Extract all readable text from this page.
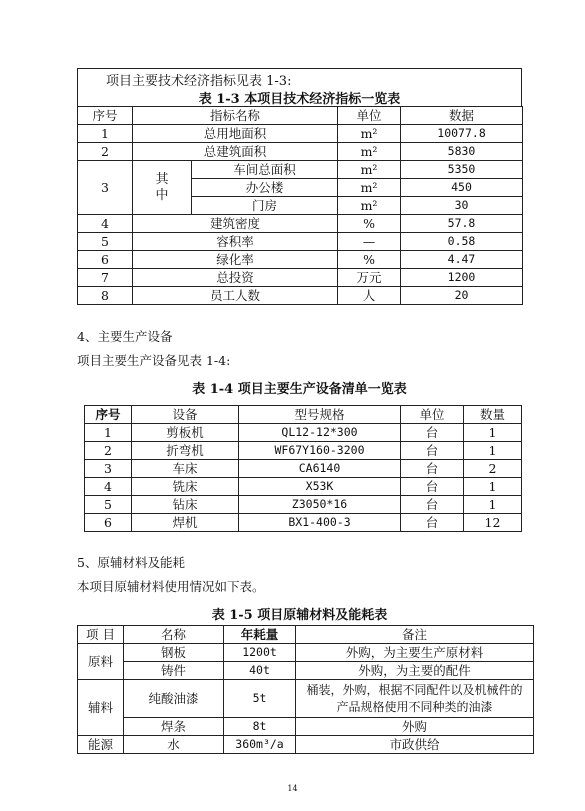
项目主要技术经济指标见表 1-3:
表 1-3 本项目技术经济指标一览表
序号	指标名称		单位	数据
1	总用地面积		m²	10077.8
2	总建筑面积		m²	5830
3	其中	车间总面积	m²	5350
		办公楼	m²	450
		门房	m²	30
4	建筑密度		%	57.8
5	容积率		—	0.58
6	绿化率		%	4.47
7	总投资		万元	1200
8	员工人数		人	20
4、主要生产设备
项目主要生产设备见表 1-4:
表 1-4 项目主要生产设备清单一览表
序号	设备	型号规格	单位	数量
1	剪板机	QL12-12*300	台	1
2	折弯机	WF67Y160-3200	台	1
3	车床	CA6140	台	2
4	铣床	X53K	台	1
5	钻床	Z3050*16	台	1
6	焊机	BX1-400-3	台	12
5、原辅材料及能耗
本项目原辅材料使用情况如下表。
表 1-5 项目原辅材料及能耗表
项 目	名称	年耗量	备注
原料	钢板	1200t	外购，为主要生产原材料
	铸件	40t	外购，为主要的配件
辅料	纯酸油漆	5t	桶装，外购，根据不同配件以及机械件的
产品规格使用不同种类的油漆

	焊条	8t	外购
能源	水	360m³/a	市政供给
14
